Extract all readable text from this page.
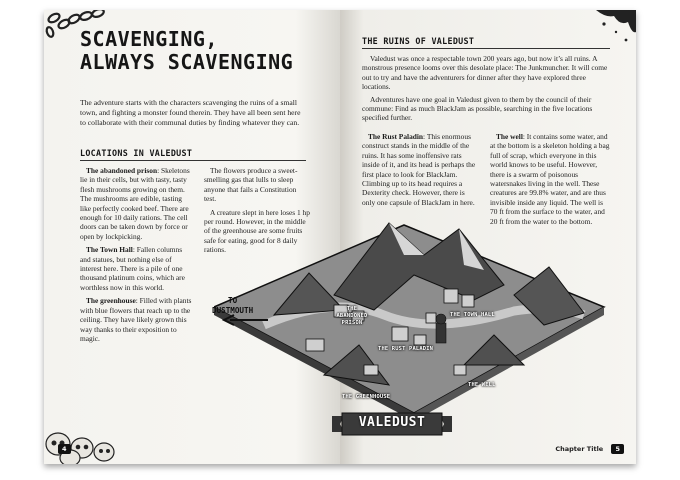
SCAVENGING,
ALWAYS SCAVENGING

The adventure starts with the characters scavenging the ruins of a small town, and fighting a monster found therein. They have all been sent here to collaborate with their communal duties by finding whatever they can.

LOCATIONS IN VALEDUST

The abandoned prison: Skeletons lie in their cells, but with tasty, tasty flesh mushrooms growing on them. The mushrooms are edible, tasting like perfectly cooked beef. There are enough for 10 daily rations. The cell doors can be taken down by force or open by lockpicking.

The Town Hall: Fallen columns and statues, but nothing else of interest here. There is a pile of one thousand platinum coins, which are worthless now in this world.

The greenhouse: Filled with plants with blue flowers that reach up to the ceiling. They have likely grown this way thanks to their exposition to magic.

The flowers produce a sweet-smelling gas that lulls to sleep anyone that fails a Constitution test.

A creature slept in here loses 1 hp per round. However, in the middle of the greenhouse are some fruits safe for eating, good for 8 daily rations.

4
THE RUINS OF VALEDUST

Valedust was once a respectable town 200 years ago, but now it’s all ruins. A monstrous presence looms over this desolate place: The Junkmuncher. It will come out to try and have the adventurers for dinner after they have explored three locations.

Adventures have one goal in Valedust given to them by the council of their commune: Find as much BlackJam as possible, searching in the five locations specified further.

The Rust Paladin: This enormous construct stands in the middle of the ruins. It has some inoffensive rats inside of it, and its head is perhaps the first place to look for BlackJam. Climbing up to its head requires a Dexterity check. However, there is only one capsule of BlackJam in here.

The well: It contains some water, and at the bottom is a skeleton holding a bag full of scrap, which everyone in this world knows to be useful. However, there is a swarm of poisonous watersnakes living in the well. These creatures are 99.8% water, and are thus invisible inside any liquid. The well is 70 ft from the surface to the water, and 20 ft from the water to the bottom.

THE ABANDONED PRISON
THE TOWN HALL
THE RUST PALADIN
THE GREENHOUSE
THE WELL
TO
DUSTMOUTH
VALEDUST
Chapter Title 5
